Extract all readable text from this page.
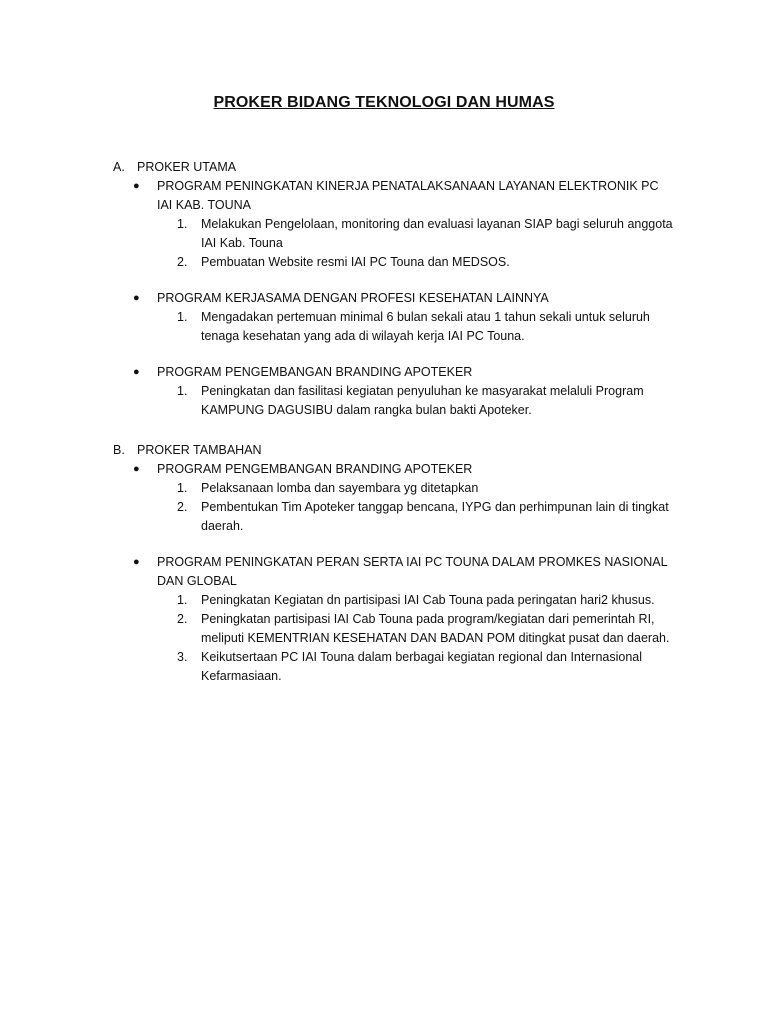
PROKER BIDANG TEKNOLOGI DAN HUMAS
A. PROKER UTAMA
●	PROGRAM PENINGKATAN KINERJA PENATALAKSANAAN LAYANAN ELEKTRONIK PC IAI KAB. TOUNA
1.	Melakukan Pengelolaan, monitoring dan evaluasi layanan SIAP bagi seluruh anggota IAI Kab. Touna
2.	Pembuatan Website resmi IAI PC Touna dan MEDSOS.
●	PROGRAM KERJASAMA DENGAN PROFESI KESEHATAN LAINNYA
1.	Mengadakan pertemuan minimal 6 bulan sekali atau 1 tahun sekali untuk seluruh tenaga kesehatan yang ada di wilayah kerja IAI PC Touna.
●	PROGRAM PENGEMBANGAN BRANDING APOTEKER
1.	Peningkatan dan fasilitasi kegiatan penyuluhan ke masyarakat melaluli Program KAMPUNG DAGUSIBU dalam rangka bulan bakti Apoteker.
B. PROKER TAMBAHAN
●	PROGRAM PENGEMBANGAN BRANDING APOTEKER
1.	Pelaksanaan lomba dan sayembara yg ditetapkan
2.	Pembentukan Tim Apoteker tanggap bencana, IYPG dan perhimpunan lain di tingkat daerah.
●	PROGRAM PENINGKATAN PERAN SERTA IAI PC TOUNA DALAM PROMKES NASIONAL DAN GLOBAL
1.	Peningkatan Kegiatan dn partisipasi IAI Cab Touna pada peringatan hari2 khusus.
2.	Peningkatan partisipasi IAI Cab Touna pada program/kegiatan dari pemerintah RI, meliputi KEMENTRIAN KESEHATAN DAN BADAN POM ditingkat pusat dan daerah.
3.	Keikutsertaan PC IAI Touna dalam berbagai kegiatan regional dan Internasional Kefarmasiaan.
